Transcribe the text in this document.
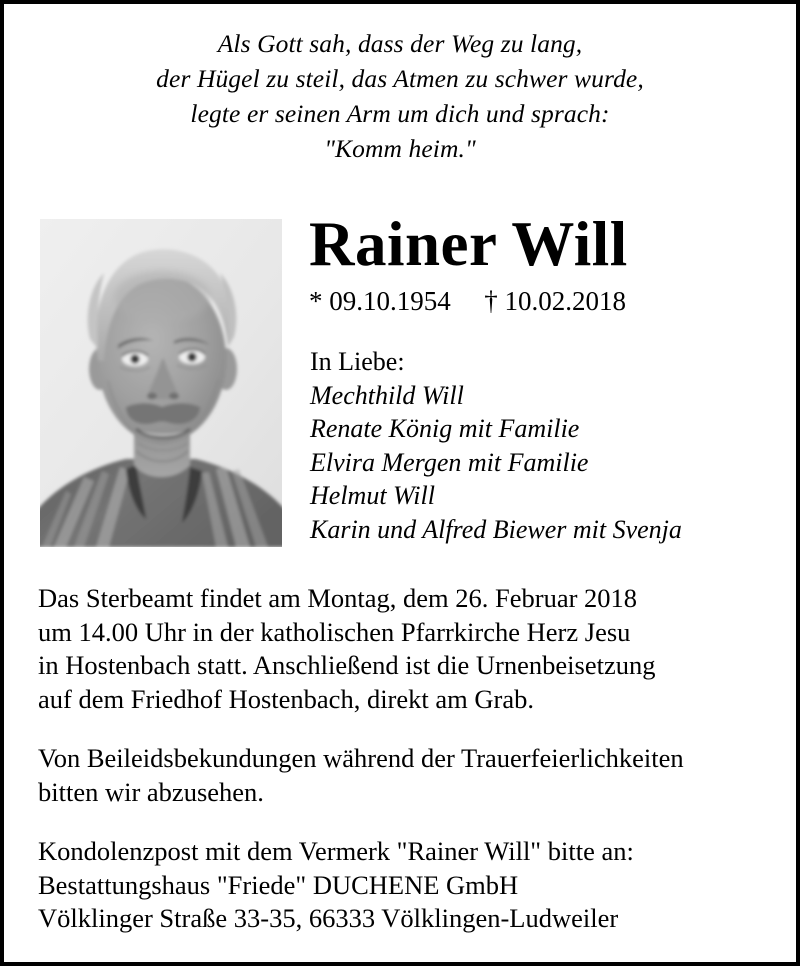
Als Gott sah, dass der Weg zu lang,
der Hügel zu steil, das Atmen zu schwer wurde,
legte er seinen Arm um dich und sprach:
"Komm heim."
Rainer Will
* 09.10.1954 † 10.02.2018
In Liebe:
Mechthild Will
Renate König mit Familie
Elvira Mergen mit Familie
Helmut Will
Karin und Alfred Biewer mit Svenja
Das Sterbeamt findet am Montag, dem 26. Februar 2018
um 14.00 Uhr in der katholischen Pfarrkirche Herz Jesu
in Hostenbach statt. Anschließend ist die Urnenbeisetzung
auf dem Friedhof Hostenbach, direkt am Grab.
Von Beileidsbekundungen während der Trauerfeierlichkeiten
bitten wir abzusehen.
Kondolenzpost mit dem Vermerk "Rainer Will" bitte an:
Bestattungshaus "Friede" DUCHENE GmbH
Völklinger Straße 33-35, 66333 Völklingen-Ludweiler
